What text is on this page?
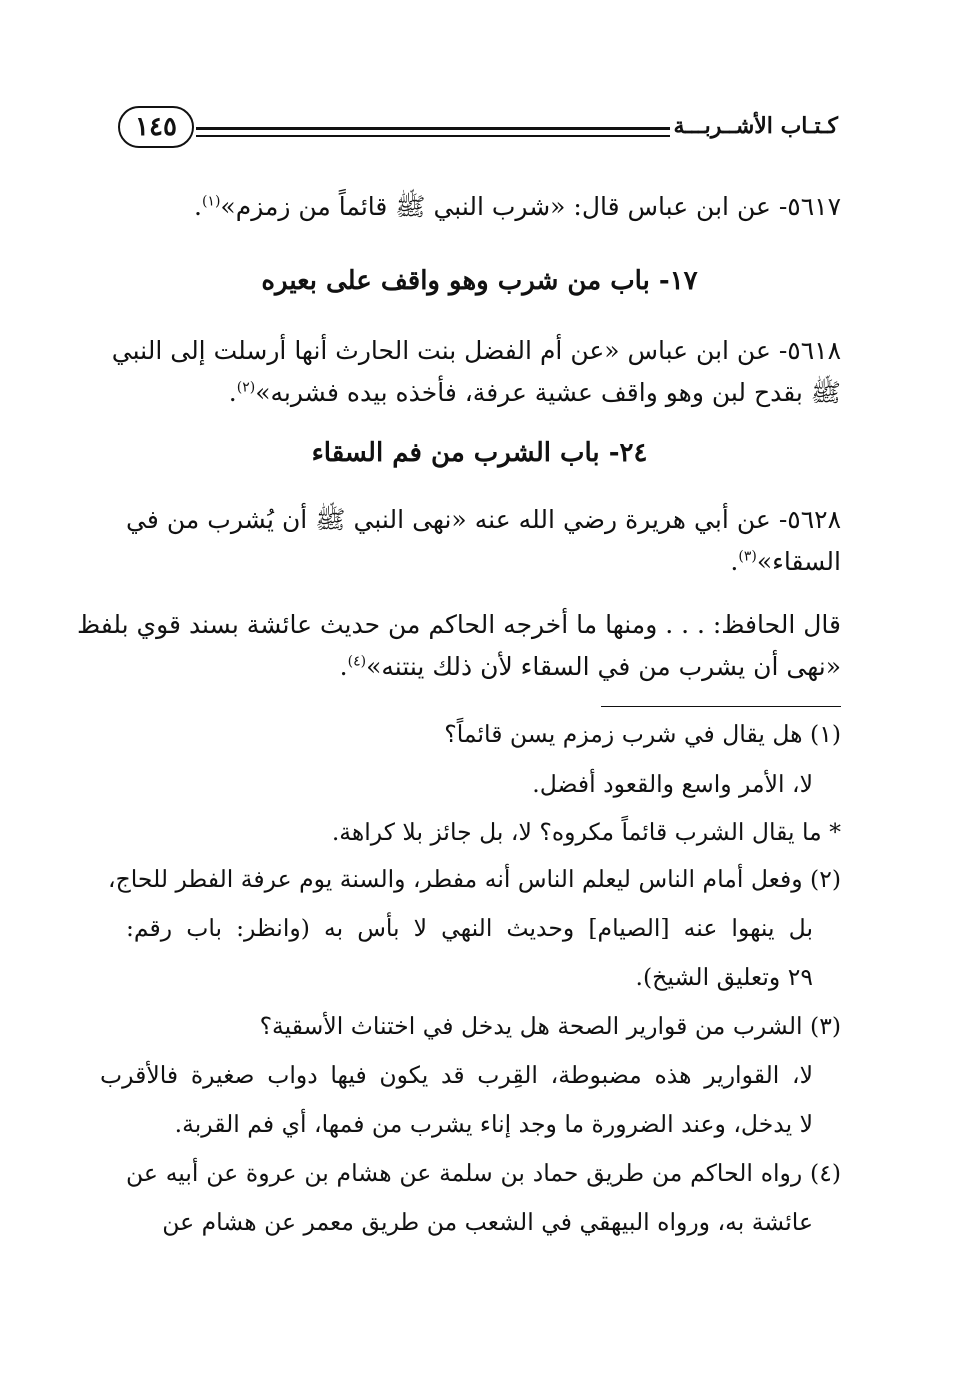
كـتـاب الأشــربـــة
١٤٥
٥٦١٧- عن ابن عباس قال: «شرب النبي ﷺ قائماً من زمزم»$^{(١)}$.
١٧- باب من شرب وهو واقف على بعيره
٥٦١٨- عن ابن عباس «عن أم الفضل بنت الحارث أنها أرسلت إلى النبي
ﷺ بقدح لبن وهو واقف عشية عرفة، فأخذه بيده فشربه»$^{(٢)}$.
٢٤- باب الشرب من فم السقاء
٥٦٢٨- عن أبي هريرة رضي الله عنه «نهى النبي ﷺ أن يُشرب من في
السقاء»$^{(٣)}$.
قال الحافظ: . . . ومنها ما أخرجه الحاكم من حديث عائشة بسند قوي بلفظ
«نهى أن يشرب من في السقاء لأن ذلك ينتنه»$^{(٤)}$.
(١) هل يقال في شرب زمزم يسن قائماً؟
لا، الأمر واسع والقعود أفضل.
* ما يقال الشرب قائماً مكروه؟ لا، بل جائز بلا كراهة.
(٢) وفعل أمام الناس ليعلم الناس أنه مفطر، والسنة يوم عرفة الفطر للحاج،
بل ينهوا عنه [الصيام] وحديث النهي لا بأس به (وانظر: باب رقم:
٢٩ وتعليق الشيخ).
(٣) الشرب من قوارير الصحة هل يدخل في اختناث الأسقية؟
لا، القوارير هذه مضبوطة، القِرب قد يكون فيها دواب صغيرة فالأقرب
لا يدخل، وعند الضرورة ما وجد إناء يشرب من فمها، أي فم القربة.
(٤) رواه الحاكم من طريق حماد بن سلمة عن هشام بن عروة عن أبيه عن
عائشة به، ورواه البيهقي في الشعب من طريق معمر عن هشام عن
